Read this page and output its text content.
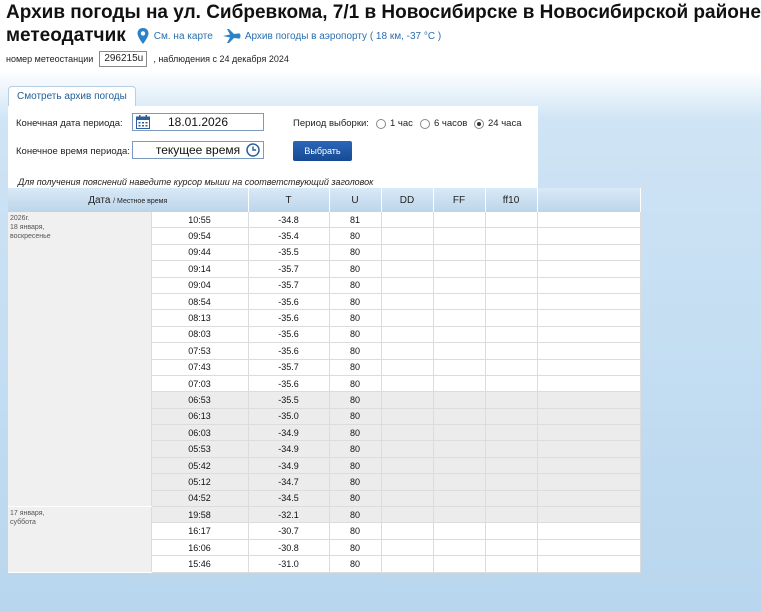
Архив погоды на ул. Сибревкома, 7/1 в Новосибирске в Новосибирской районе
метеодатчик	См. на карте	Архив погоды в аэропорту ( 18 км, -37 °C )
номер метеостанции	296215u	, наблюдения с 24 декабря 2024
Смотреть архив погоды
Конечная дата периода:	18.01.2026
Конечное время периода:	текущее время
Период выборки: 1 час 6 часов 24 часа
Выбрать
Для получения пояснений наведите курсор мыши на соответствующий заголовок
Дата / Местное время		T	U	DD	FF	ff10	
2026г.
18 января,
воскресенье	10:55	-34.8	81				
	09:54	-35.4	80				
	09:44	-35.5	80				
	09:14	-35.7	80				
	09:04	-35.7	80				
	08:54	-35.6	80				
	08:13	-35.6	80				
	08:03	-35.6	80				
	07:53	-35.6	80				
	07:43	-35.7	80				
	07:03	-35.6	80				
	06:53	-35.5	80				
	06:13	-35.0	80				
	06:03	-34.9	80				
	05:53	-34.9	80				
	05:42	-34.9	80				
	05:12	-34.7	80				
	04:52	-34.5	80				
17 января,
суббота	19:58	-32.1	80				
	16:17	-30.7	80				
	16:06	-30.8	80				
	15:46	-31.0	80				
